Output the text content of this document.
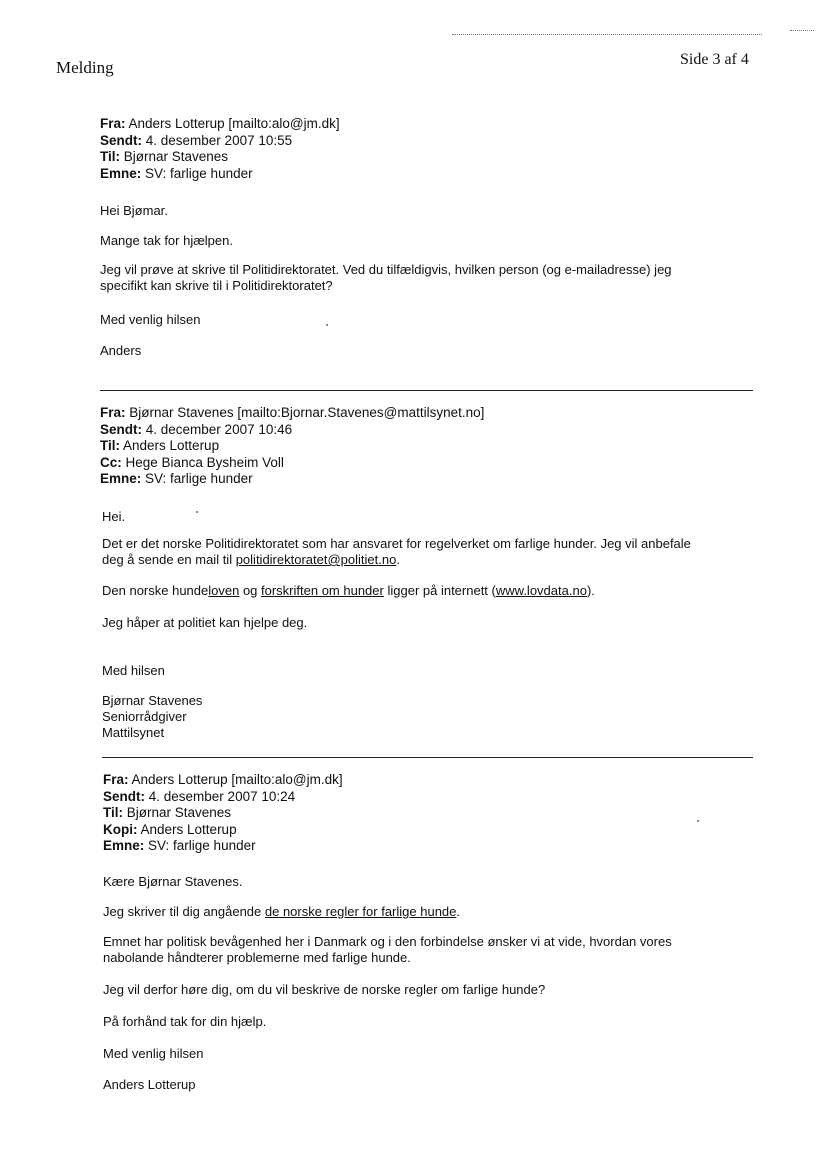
Melding	Side 3 af 4
Fra: Anders Lotterup [mailto:alo@jm.dk]
Sendt: 4. desember 2007 10:55
Til: Bjørnar Stavenes
Emne: SV: farlige hunder
Hei Bjømar.
Mange tak for hjælpen.
Jeg vil prøve at skrive til Politidirektoratet. Ved du tilfældigvis, hvilken person (og e-mailadresse) jeg
specifikt kan skrive til i Politidirektoratet?
Med venlig hilsen
Anders
Fra: Bjørnar Stavenes [mailto:Bjornar.Stavenes@mattilsynet.no]
Sendt: 4. december 2007 10:46
Til: Anders Lotterup
Cc: Hege Bianca Bysheim Voll
Emne: SV: farlige hunder
Hei.
Det er det norske Politidirektoratet som har ansvaret for regelverket om farlige hunder. Jeg vil anbefale
deg å sende en mail til politidirektoratet@politiet.no.
Den norske hundeloven og forskriften om hunder ligger på internett (www.lovdata.no).
Jeg håper at politiet kan hjelpe deg.
Med hilsen
Bjørnar Stavenes
Seniorrådgiver
Mattilsynet
Fra: Anders Lotterup [mailto:alo@jm.dk]
Sendt: 4. desember 2007 10:24
Til: Bjørnar Stavenes
Kopi: Anders Lotterup
Emne: SV: farlige hunder
Kære Bjørnar Stavenes.
Jeg skriver til dig angående de norske regler for farlige hunde.
Emnet har politisk bevågenhed her i Danmark og i den forbindelse ønsker vi at vide, hvordan vores
nabolande håndterer problemerne med farlige hunde.
Jeg vil derfor høre dig, om du vil beskrive de norske regler om farlige hunde?
På forhånd tak for din hjælp.
Med venlig hilsen
Anders Lotterup
